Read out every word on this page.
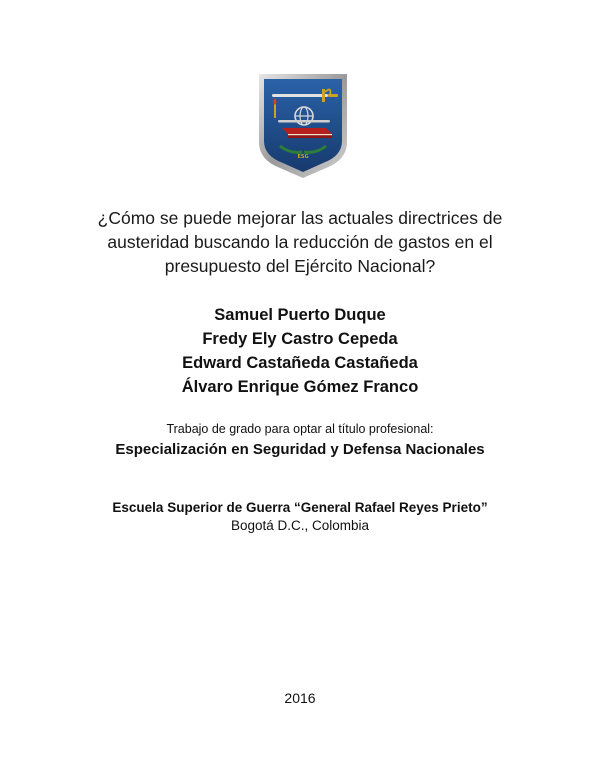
ESG
¿Cómo se puede mejorar las actuales directrices de
austeridad buscando la reducción de gastos en el
presupuesto del Ejército Nacional?
Samuel Puerto Duque
Fredy Ely Castro Cepeda
Edward Castañeda Castañeda
Álvaro Enrique Gómez Franco
Trabajo de grado para optar al título profesional:
Especialización en Seguridad y Defensa Nacionales
Escuela Superior de Guerra “General Rafael Reyes Prieto”
Bogotá D.C., Colombia
2016
